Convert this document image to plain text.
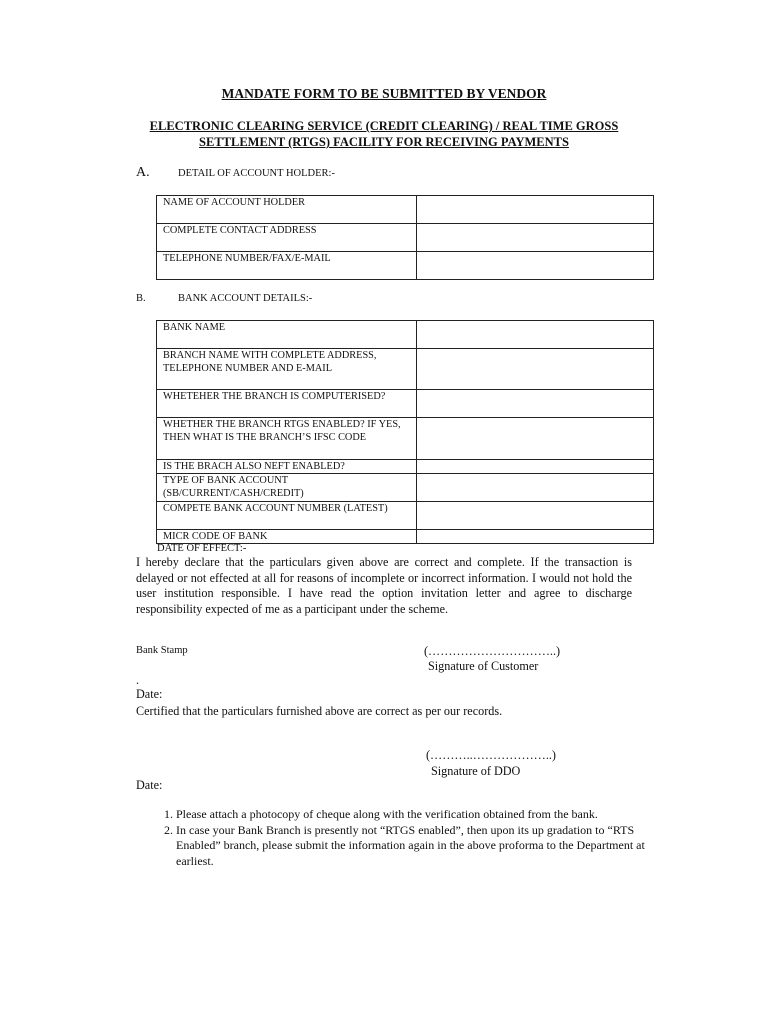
MANDATE FORM TO BE SUBMITTED BY VENDOR
ELECTRONIC CLEARING SERVICE (CREDIT CLEARING) / REAL TIME GROSS
SETTLEMENT (RTGS) FACILITY FOR RECEIVING PAYMENTS
A.	DETAIL OF ACCOUNT HOLDER:-
NAME OF ACCOUNT HOLDER	
COMPLETE CONTACT ADDRESS	
TELEPHONE NUMBER/FAX/E-MAIL	
B.	BANK ACCOUNT DETAILS:-
BANK NAME	
BRANCH NAME WITH COMPLETE ADDRESS, TELEPHONE NUMBER AND E-MAIL	
WHETEHER THE BRANCH IS COMPUTERISED?	
WHETHER THE BRANCH RTGS ENABLED? IF YES, THEN WHAT IS THE BRANCH’S IFSC CODE	
IS THE BRACH ALSO NEFT ENABLED?	
TYPE OF BANK ACCOUNT (SB/CURRENT/CASH/CREDIT)	
COMPETE BANK ACCOUNT NUMBER (LATEST)	
MICR CODE OF BANK	
DATE OF EFFECT:-
I hereby declare that the particulars given above are correct and complete. If the transaction is delayed or not effected at all for reasons of incomplete or incorrect information. I would not hold the user institution responsible. I have read the option invitation letter and agree to discharge responsibility expected of me as a participant under the scheme.
Bank Stamp	(…………………………..)
Signature of Customer
.
Date:
Certified that the particulars furnished above are correct as per our records.
(………..………………..)
Signature of DDO
Date:
1. Please attach a photocopy of cheque along with the verification obtained from the bank.
2. In case your Bank Branch is presently not “RTGS enabled”, then upon its up gradation to “RTS Enabled” branch, please submit the information again in the above proforma to the Department at earliest.
